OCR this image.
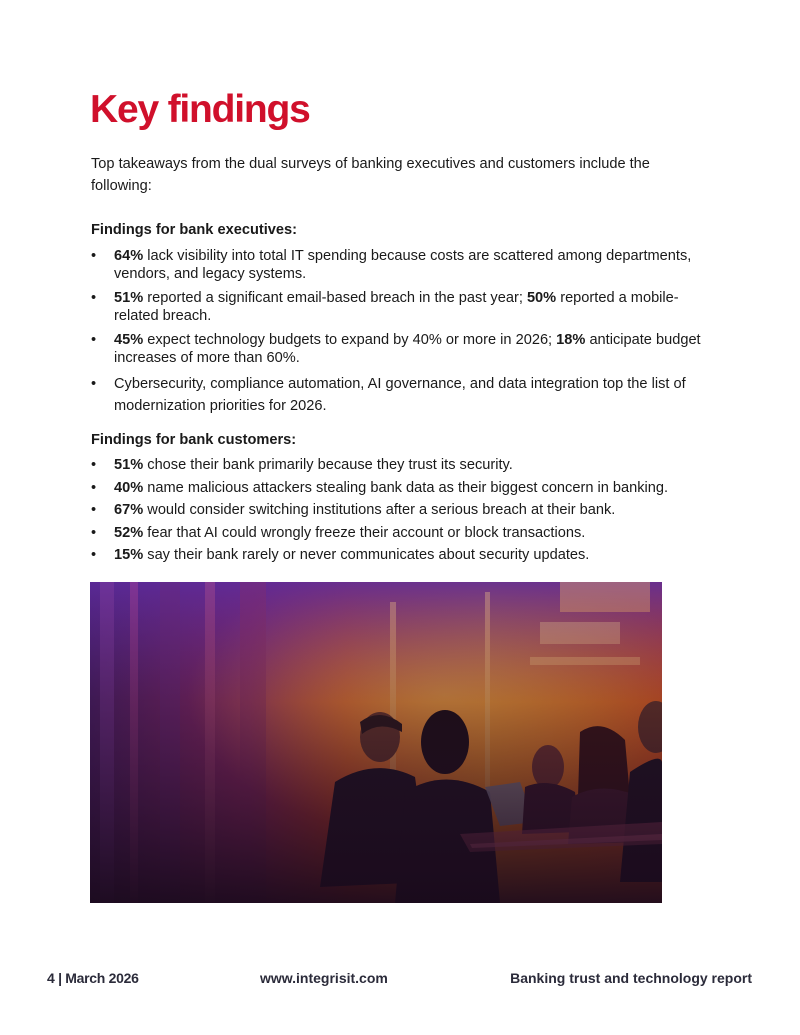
Key findings

Top takeaways from the dual surveys of banking executives and customers include the following:

Findings for bank executives:
• 64% lack visibility into total IT spending because costs are scattered among departments, vendors, and legacy systems.
• 51% reported a significant email-based breach in the past year; 50% reported a mobile-related breach.
• 45% expect technology budgets to expand by 40% or more in 2026; 18% anticipate budget increases of more than 60%.
• Cybersecurity, compliance automation, AI governance, and data integration top the list of modernization priorities for 2026.
Findings for bank customers:
• 51% chose their bank primarily because they trust its security.
• 40% name malicious attackers stealing bank data as their biggest concern in banking.
• 67% would consider switching institutions after a serious breach at their bank.
• 52% fear that AI could wrongly freeze their account or block transactions.
• 15% say their bank rarely or never communicates about security updates.
4 | March 2026	www.integrisit.com	Banking trust and technology report
